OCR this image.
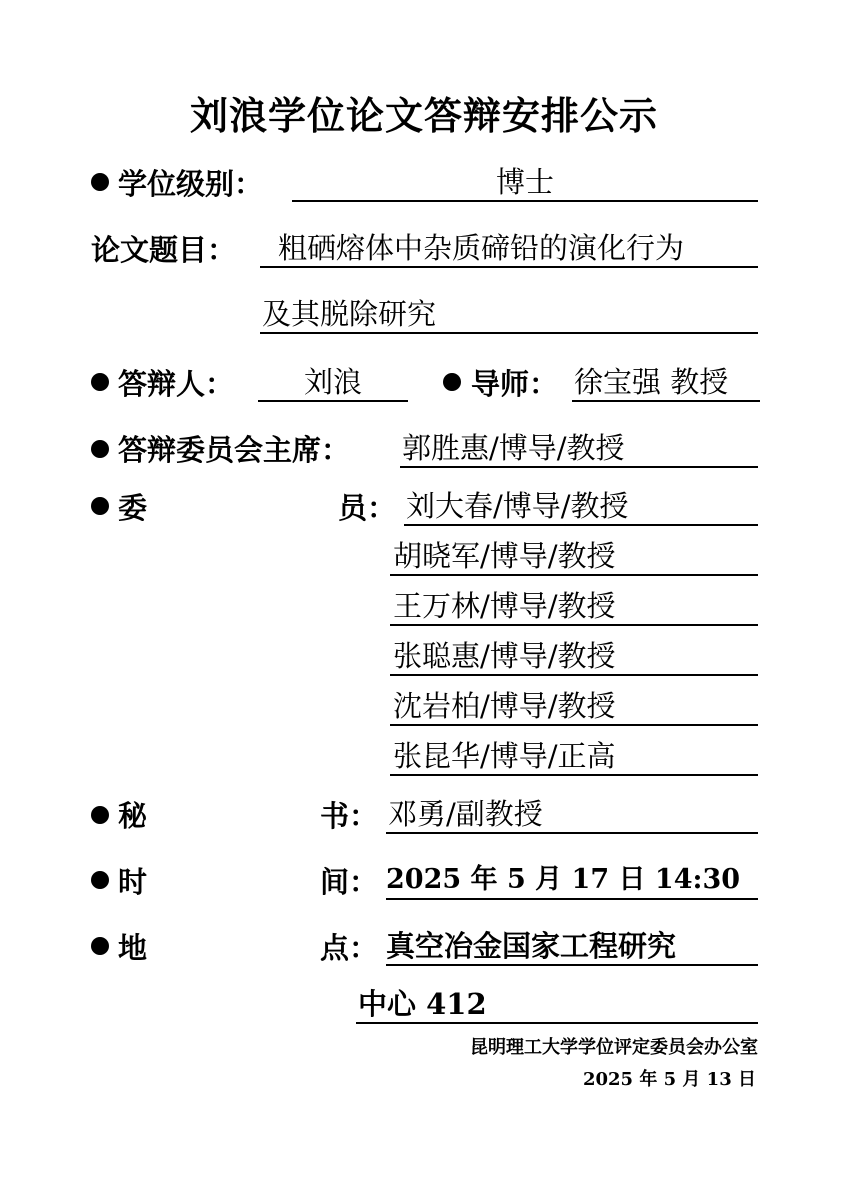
刘浪学位论文答辩安排公示
学位级别：	博士
论文题目： 粗硒熔体中杂质碲铅的演化行为
及其脱除研究
答辩人：	刘浪	导师： 徐宝强 教授
答辩委员会主席： 郭胜惠/博导/教授
委	员： 刘大春/博导/教授
胡晓军/博导/教授
王万林/博导/教授
张聪惠/博导/教授
沈岩柏/博导/教授
张昆华/博导/正高
秘	书： 邓勇/副教授
时	间： 2025 年 5 月 17 日 14:30
地	点： 真空冶金国家工程研究
中心 412
昆明理工大学学位评定委员会办公室
2025 年 5 月 13 日
